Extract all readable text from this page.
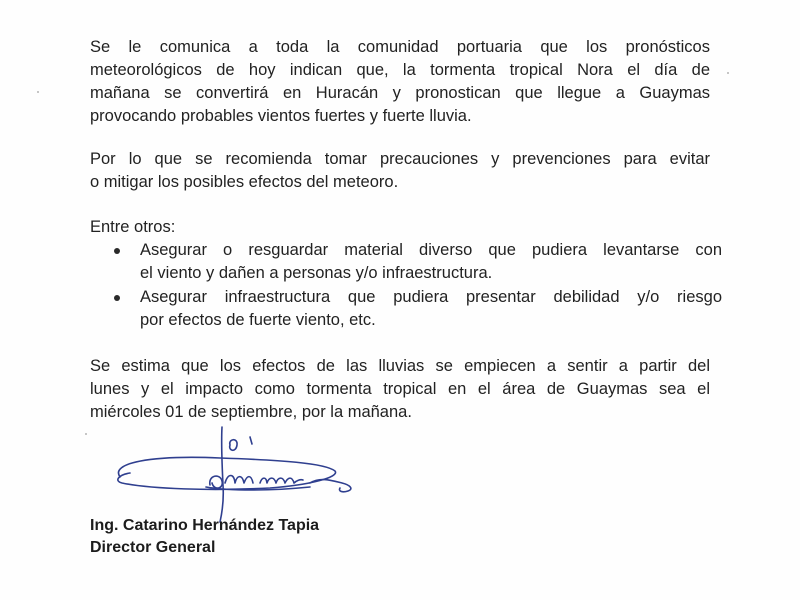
Se le comunica a toda la comunidad portuaria que los pronósticos
meteorológicos de hoy indican que, la tormenta tropical Nora el día de
mañana se convertirá en Huracán y pronostican que llegue a Guaymas
provocando probables vientos fuertes y fuerte lluvia.
Por lo que se recomienda tomar precauciones y prevenciones para evitar
o mitigar los posibles efectos del meteoro.
Entre otros:
Asegurar o resguardar material diverso que pudiera levantarse con
el viento y dañen a personas y/o infraestructura.
Asegurar infraestructura que pudiera presentar debilidad y/o riesgo
por efectos de fuerte viento, etc.
Se estima que los efectos de las lluvias se empiecen a sentir a partir del
lunes y el impacto como tormenta tropical en el área de Guaymas sea el
miércoles 01 de septiembre, por la mañana.
Ing. Catarino Hernández Tapia
Director General
